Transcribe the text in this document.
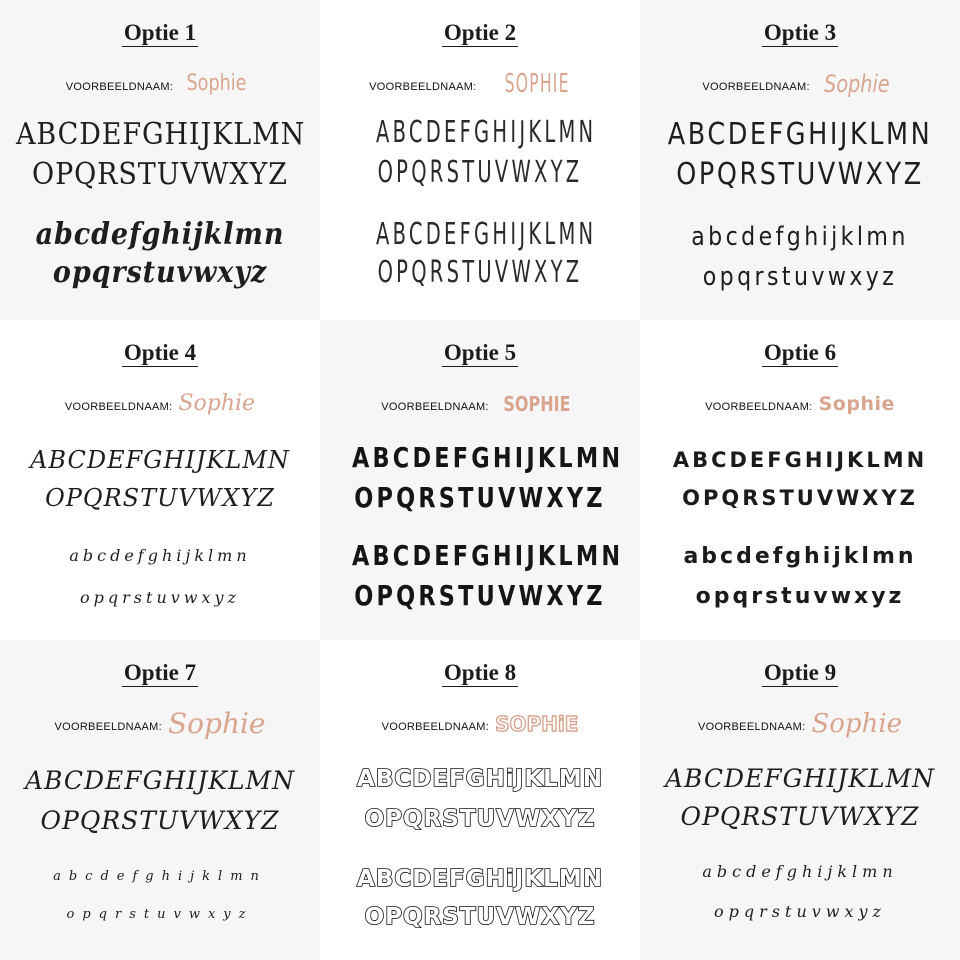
Optie 1
VOORBEELDNAAM: Sophie
ABCDEFGHIJKLMN
OPQRSTUVWXYZ
abcdefghijklmn
opqrstuvwxyz
Optie 2
VOORBEELDNAAM: SOPHIE
ABCDEFGHIJKLMN
OPQRSTUVWXYZ
ABCDEFGHIJKLMN
OPQRSTUVWXYZ
Optie 3
VOORBEELDNAAM: Sophie
ABCDEFGHIJKLMN
OPQRSTUVWXYZ
abcdefghijklmn
opqrstuvwxyz
Optie 4
VOORBEELDNAAM: Sophie
ABCDEFGHIJKLMN
OPQRSTUVWXYZ
abcdefghijklmn
opqrstuvwxyz
Optie 5
VOORBEELDNAAM: SOPHIE
ABCDEFGHIJKLMN
OPQRSTUVWXYZ
ABCDEFGHIJKLMN
OPQRSTUVWXYZ
Optie 6
VOORBEELDNAAM: Sophie
ABCDEFGHIJKLMN
OPQRSTUVWXYZ
abcdefghijklmn
opqrstuvwxyz
Optie 7
VOORBEELDNAAM: Sophie
ABCDEFGHIJKLMN
OPQRSTUVWXYZ
abcdefghijklmn
opqrstuvwxyz
Optie 8
VOORBEELDNAAM: SOPHiE
ABCDEFGHiJKLMN
OPQRSTUVWXYZ
ABCDEFGHiJKLMN
OPQRSTUVWXYZ
Optie 9
VOORBEELDNAAM: Sophie
ABCDEFGHIJKLMN
OPQRSTUVWXYZ
abcdefghijklmn
opqrstuvwxyz
